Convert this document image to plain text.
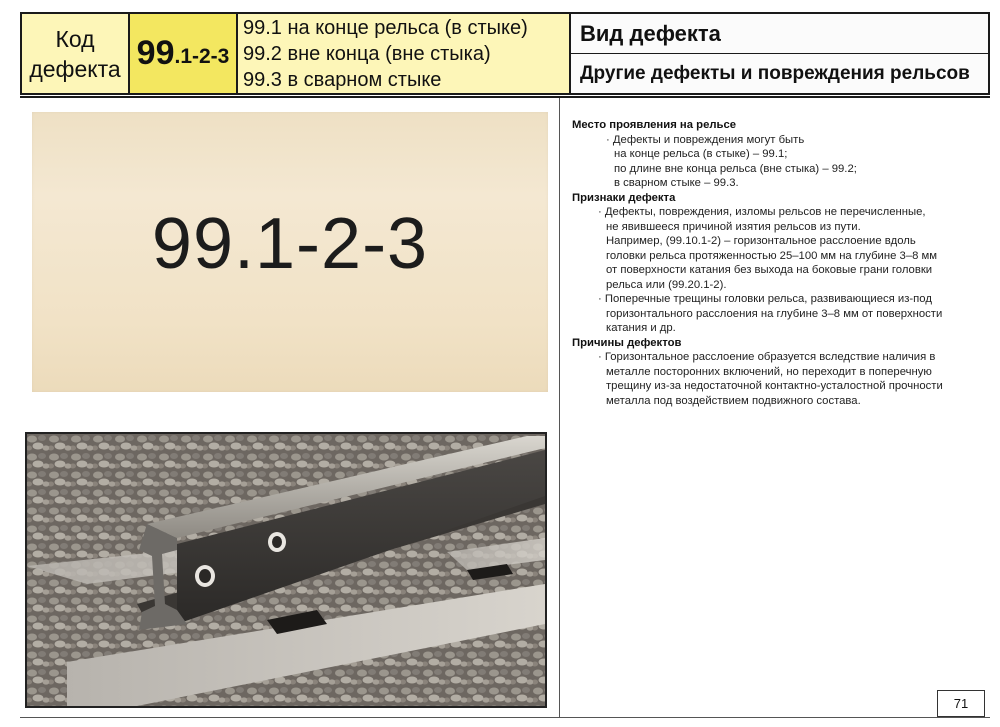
Код
дефекта 99 .1-2-3
99.1 на конце рельса (в стыке)
99.2 вне конца (вне стыка)
99.3 в сварном стыке
Вид дефекта
Другие дефекты и повреждения рельсов
99.1-2-3
Место проявления на рельсе
· Дефекты и повреждения могут быть
на конце рельса (в стыке) – 99.1;
по длине вне конца рельса (вне стыка) – 99.2;
в сварном стыке – 99.3.
Признаки дефекта
· Дефекты, повреждения, изломы рельсов не перечисленные,
не явившееся причиной изятия рельсов из пути.
Например, (99.10.1-2) – горизонтальное расслоение вдоль
головки рельса протяженностью 25–100 мм на глубине 3–8 мм
от поверхности катания без выхода на боковые грани головки
рельса или (99.20.1-2).
· Поперечные трещины головки рельса, развивающиеся из-под
горизонтального расслоения на глубине 3–8 мм от поверхности
катания и др.
Причины дефектов
· Горизонтальное расслоение образуется вследствие наличия в
металле посторонних включений, но переходит в поперечную
трещину из-за недостаточной контактно-усталостной прочности
металла под воздействием подвижного состава.
71
